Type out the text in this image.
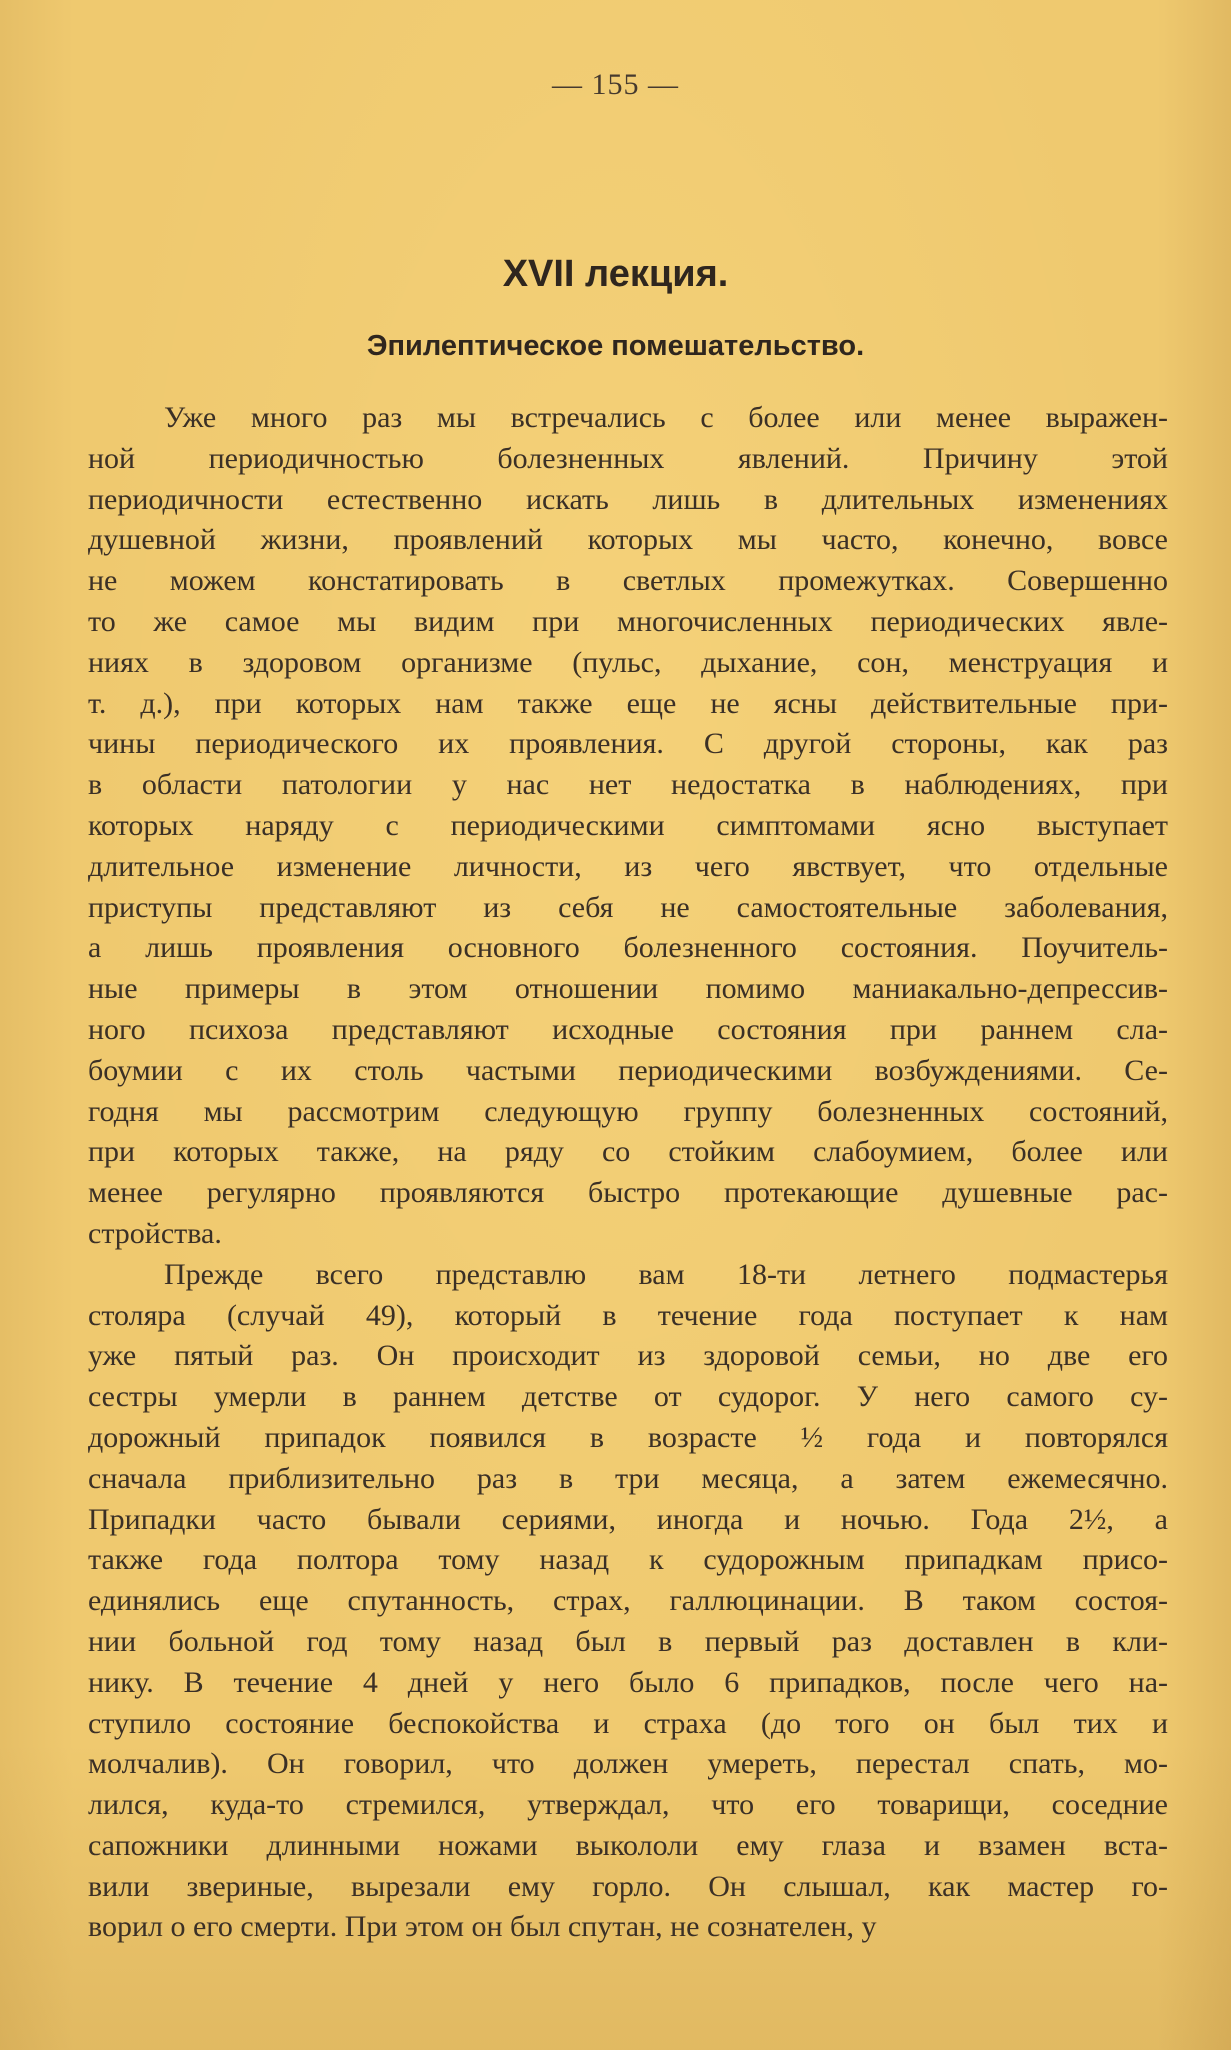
— 155 —
XVII лекция.
Эпилептическое помешательство.
Уже много раз мы встречались с более или менее выражен-
ной периодичностью болезненных явлений. Причину этой
периодичности естественно искать лишь в длительных изменениях
душевной жизни, проявлений которых мы часто, конечно, вовсе
не можем констатировать в светлых промежутках. Совершенно
то же самое мы видим при многочисленных периодических явле-
ниях в здоровом организме (пульс, дыхание, сон, менструация и
т. д.), при которых нам также еще не ясны действительные при-
чины периодического их проявления. С другой стороны, как раз
в области патологии у нас нет недостатка в наблюдениях, при
которых наряду с периодическими симптомами ясно выступает
длительное изменение личности, из чего явствует, что отдельные
приступы представляют из себя не самостоятельные заболевания,
а лишь проявления основного болезненного состояния. Поучитель-
ные примеры в этом отношении помимо маниакально-депрессив-
ного психоза представляют исходные состояния при раннем сла-
боумии с их столь частыми периодическими возбуждениями. Се-
годня мы рассмотрим следующую группу болезненных состояний,
при которых также, на ряду со стойким слабоумием, более или
менее регулярно проявляются быстро протекающие душевные рас-
стройства.
Прежде всего представлю вам 18-ти летнего подмастерья
столяра (случай 49), который в течение года поступает к нам
уже пятый раз. Он происходит из здоровой семьи, но две его
сестры умерли в раннем детстве от судорог. У него самого су-
дорожный припадок появился в возрасте ½ года и повторялся
сначала приблизительно раз в три месяца, а затем ежемесячно.
Припадки часто бывали сериями, иногда и ночью. Года 2½, а
также года полтора тому назад к судорожным припадкам присо-
единялись еще спутанность, страх, галлюцинации. В таком состоя-
нии больной год тому назад был в первый раз доставлен в кли-
нику. В течение 4 дней у него было 6 припадков, после чего на-
ступило состояние беспокойства и страха (до того он был тих и
молчалив). Он говорил, что должен умереть, перестал спать, мо-
лился, куда-то стремился, утверждал, что его товарищи, соседние
сапожники длинными ножами выкололи ему глаза и взамен вста-
вили звериные, вырезали ему горло. Он слышал, как мастер го-
ворил о его смерти. При этом он был спутан, не сознателен, у
